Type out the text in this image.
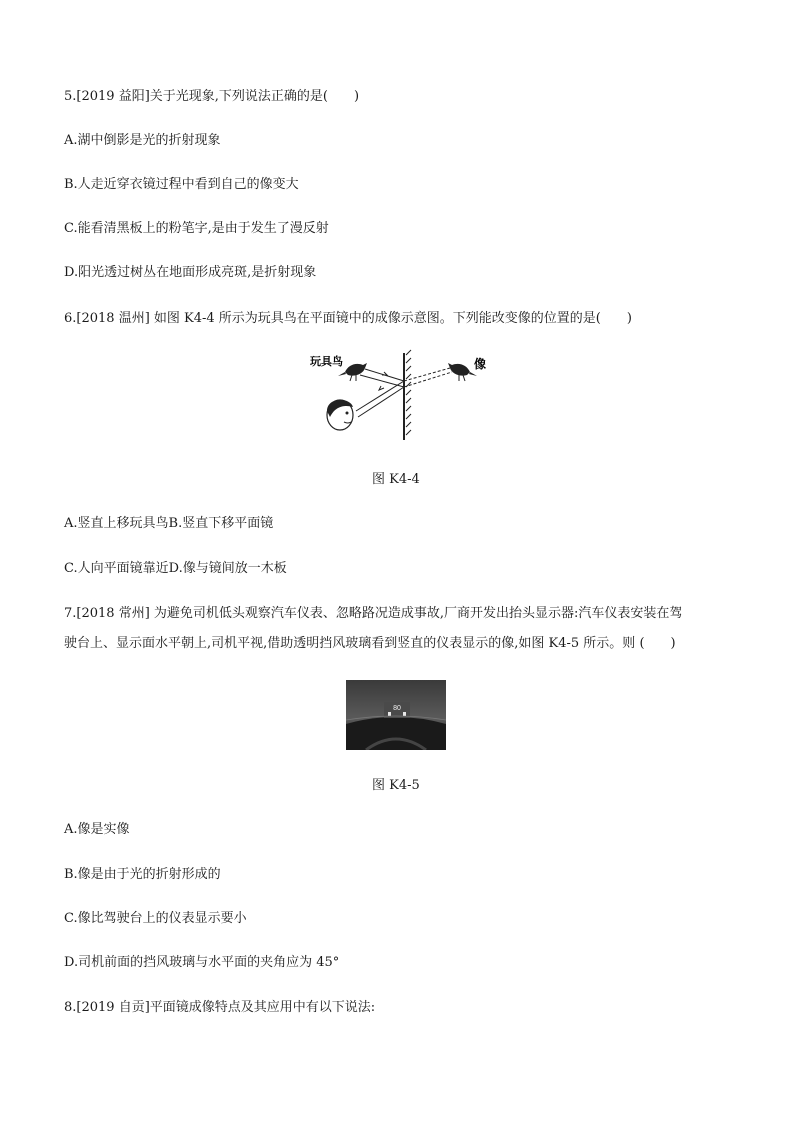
5.[2019 益阳]关于光现象,下列说法正确的是(　　)
A.湖中倒影是光的折射现象
B.人走近穿衣镜过程中看到自己的像变大
C.能看清黑板上的粉笔字,是由于发生了漫反射
D.阳光透过树丛在地面形成亮斑,是折射现象
6.[2018 温州] 如图 K4-4 所示为玩具鸟在平面镜中的成像示意图。下列能改变像的位置的是(　　)
玩具鸟	像
图 K4-4
A.竖直上移玩具鸟B.竖直下移平面镜
C.人向平面镜靠近D.像与镜间放一木板
7.[2018 常州] 为避免司机低头观察汽车仪表、忽略路况造成事故,厂商开发出抬头显示器:汽车仪表安装在驾
驶台上、显示面水平朝上,司机平视,借助透明挡风玻璃看到竖直的仪表显示的像,如图 K4-5 所示。则 (　　)
80
图 K4-5
A.像是实像
B.像是由于光的折射形成的
C.像比驾驶台上的仪表显示要小
D.司机前面的挡风玻璃与水平面的夹角应为 45°
8.[2019 自贡]平面镜成像特点及其应用中有以下说法:
